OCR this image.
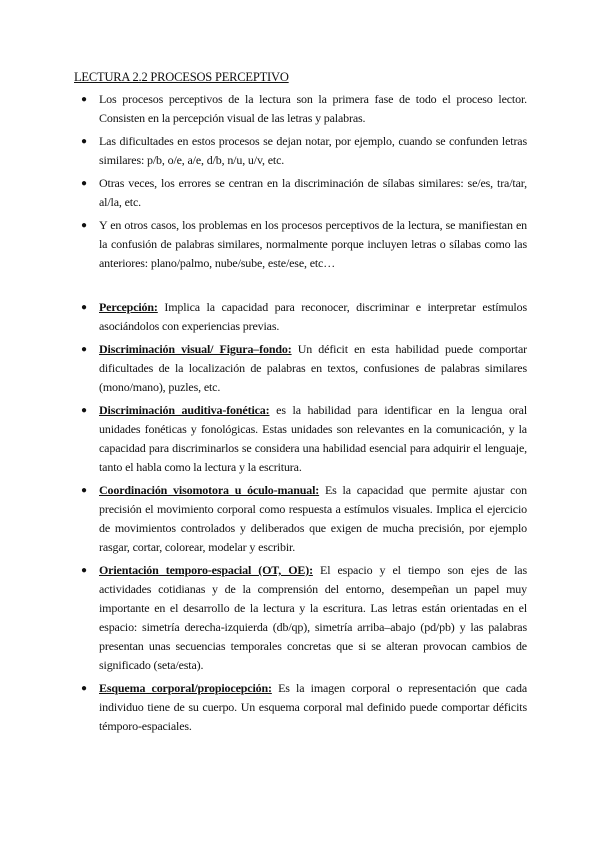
LECTURA 2.2 PROCESOS PERCEPTIVO
● Los procesos perceptivos de la lectura son la primera fase de todo el proceso lector. Consisten en la percepción visual de las letras y palabras.
● Las dificultades en estos procesos se dejan notar, por ejemplo, cuando se confunden letras similares: p/b, o/e, a/e, d/b, n/u, u/v, etc.
● Otras veces, los errores se centran en la discriminación de sílabas similares: se/es, tra/tar, al/la, etc.
● Y en otros casos, los problemas en los procesos perceptivos de la lectura, se manifiestan en la confusión de palabras similares, normalmente porque incluyen letras o sílabas como las anteriores: plano/palmo, nube/sube, este/ese, etc…
● Percepción: Implica la capacidad para reconocer, discriminar e interpretar estímulos asociándolos con experiencias previas.
● Discriminación visual/ Figura–fondo: Un déficit en esta habilidad puede comportar dificultades de la localización de palabras en textos, confusiones de palabras similares (mono/mano), puzles, etc.
● Discriminación auditiva-fonética: es la habilidad para identificar en la lengua oral unidades fonéticas y fonológicas. Estas unidades son relevantes en la comunicación, y la capacidad para discriminarlos se considera una habilidad esencial para adquirir el lenguaje, tanto el habla como la lectura y la escritura.
● Coordinación visomotora u óculo-manual: Es la capacidad que permite ajustar con precisión el movimiento corporal como respuesta a estímulos visuales. Implica el ejercicio de movimientos controlados y deliberados que exigen de mucha precisión, por ejemplo rasgar, cortar, colorear, modelar y escribir.
● Orientación temporo-espacial (OT, OE): El espacio y el tiempo son ejes de las actividades cotidianas y de la comprensión del entorno, desempeñan un papel muy importante en el desarrollo de la lectura y la escritura. Las letras están orientadas en el espacio: simetría derecha-izquierda (db/qp), simetría arriba–abajo (pd/pb) y las palabras presentan unas secuencias temporales concretas que si se alteran provocan cambios de significado (seta/esta).
● Esquema corporal/propiocepción: Es la imagen corporal o representación que cada individuo tiene de su cuerpo. Un esquema corporal mal definido puede comportar déficits témporo-espaciales.
